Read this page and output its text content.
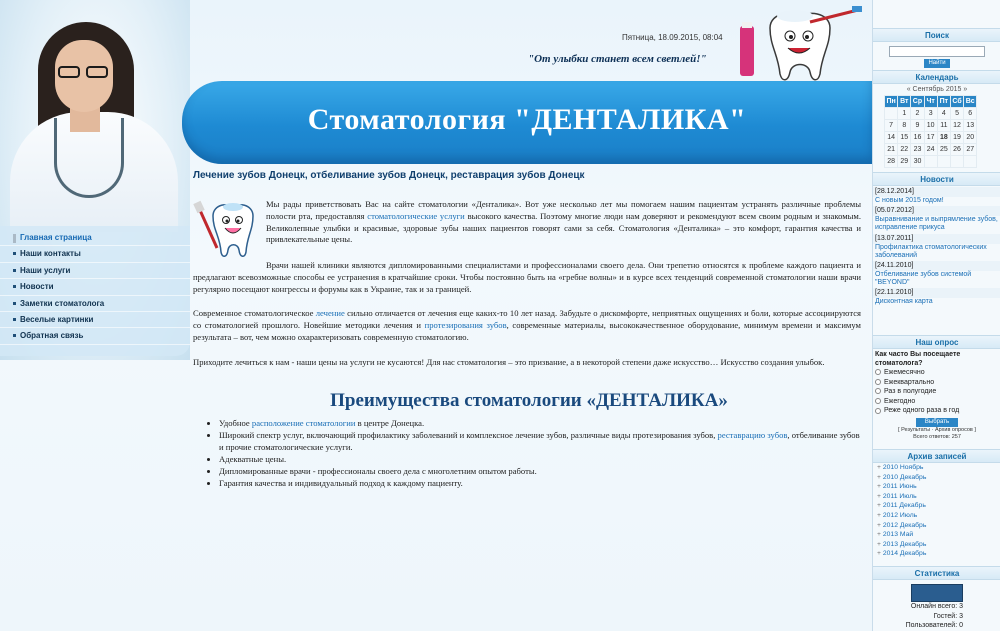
Главная страница
Наши контакты
Наши услуги
Новости
Заметки стоматолога
Веселые картинки
Обратная связь
Пятница, 18.09.2015, 08:04
"От улыбки станет всем светлей!"
Стоматология "ДЕНТАЛИКА"
Лечение зубов Донецк, отбеливание зубов Донецк, реставрация зубов Донецк

Мы рады приветствовать Вас на сайте стоматологии «Денталика». Вот уже несколько лет мы помогаем нашим пациентам устранять различные проблемы полости рта, предоставляя стоматологические услуги высокого качества. Поэтому многие люди нам доверяют и рекомендуют всем своим родным и знакомым. Великолепные улыбки и красивые, здоровые зубы наших пациентов говорят сами за себя. Стоматология «Денталика» – это комфорт, гарантия качества и привлекательные цены.

Врачи нашей клиники являются дипломированными специалистами и профессионалами своего дела. Они трепетно относятся к проблеме каждого пациента и предлагают всевозможные способы ее устранения в кратчайшие сроки. Чтобы постоянно быть на «гребне волны» и в курсе всех тенденций современной стоматологии наши врачи регулярно посещают конгрессы и форумы как в Украине, так и за границей.

Современное стоматологическое лечение сильно отличается от лечения еще каких-то 10 лет назад. Забудьте о дискомфорте, неприятных ощущениях и боли, которые ассоциируются со стоматологией прошлого. Новейшие методики лечения и протезирования зубов, современные материалы, высококачественное оборудование, минимум времени и максимум результата – вот, чем можно охарактеризовать современную стоматологию.

Приходите лечиться к нам - наши цены на услуги не кусаются! Для нас стоматология – это призвание, а в некоторой степени даже искусство… Искусство создания улыбок.

Преимущества стоматологии «ДЕНТАЛИКА»
• Удобное расположение стоматологии в центре Донецка.
• Широкий спектр услуг, включающий профилактику заболеваний и комплексное лечение зубов, различные виды протезирования зубов, реставрацию зубов, отбеливание зубов и прочие стоматологические услуги.
• Адекватные цены.
• Дипломированные врачи - профессионалы своего дела с многолетним опытом работы.
• Гарантия качества и индивидуальный подход к каждому пациенту.
Поиск
Найти
Календарь
« Сентябрь 2015 »
Пн	Вт	Ср	Чт	Пт	Сб	Вс
	1	2	3	4	5	6
7	8	9	10	11	12	13
14	15	16	17	18	19	20
21	22	23	24	25	26	27
28	29	30				
Новости
[28.12.2014]
С новым 2015 годом!
[05.07.2012]
Выравнивание и выпрямление зубов, исправление прикуса
[13.07.2011]
Профилактика стоматологических заболеваний
[24.11.2010]
Отбеливание зубов системой "BEYOND"
[22.11.2010]
Дисконтная карта
Наш опрос
Как часто Вы посещаете стоматолога?
Ежемесячно
Ежеквартально
Раз в полугодие
Ежегодно
Реже одного раза в год
Выбрать
[ Результаты · Архив опросов ]
Всего ответов: 257
Архив записей
+ 2010 Ноябрь
+ 2010 Декабрь
+ 2011 Июнь
+ 2011 Июль
+ 2011 Декабрь
+ 2012 Июль
+ 2012 Декабрь
+ 2013 Май
+ 2013 Декабрь
+ 2014 Декабрь
Статистика
Онлайн всего: 3
Гостей: 3
Пользователей: 0
